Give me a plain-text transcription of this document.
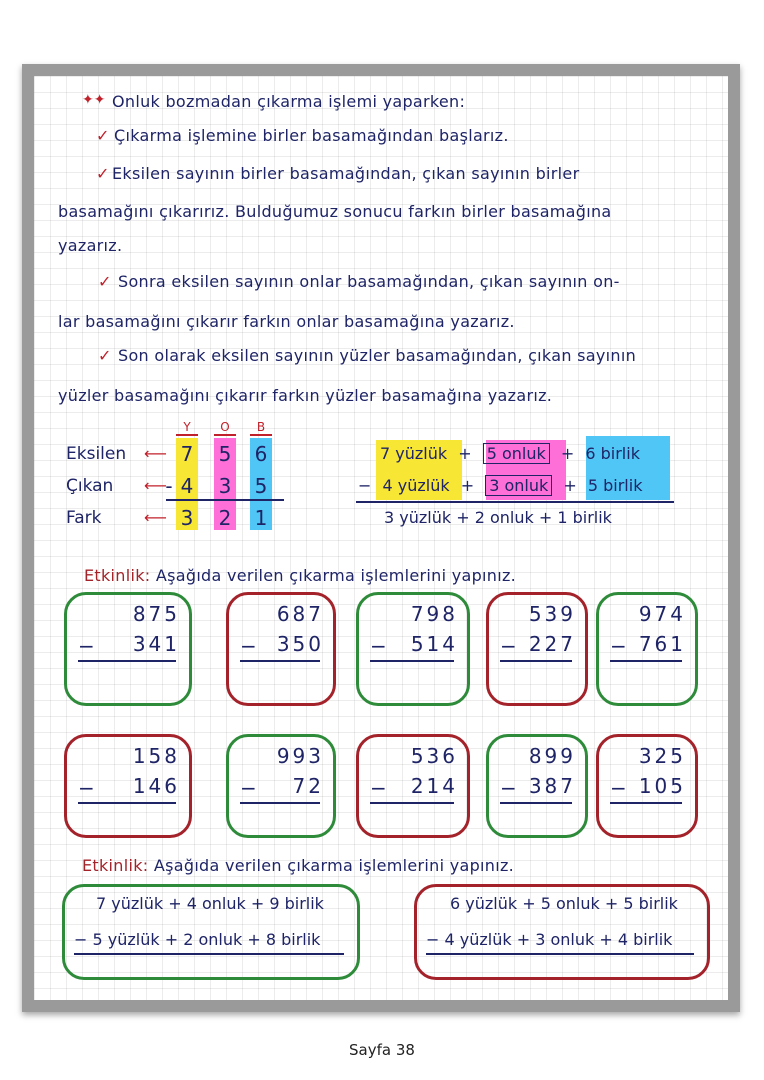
✦✦ Onluk bozmadan çıkarma işlemi yaparken:
✓ Çıkarma işlemine birler basamağından başlarız.
✓ Eksilen sayının birler basamağından, çıkan sayının birler
basamağını çıkarırız. Bulduğumuz sonucu farkın birler basamağına
yazarız.
✓ Sonra eksilen sayının onlar basamağından, çıkan sayının on-
lar basamağını çıkarır farkın onlar basamağına yazarız.
✓ Son olarak eksilen sayının yüzler basamağından, çıkan sayının
yüzler basamağını çıkarır farkın yüzler basamağına yazarız.
Y	O	B
Eksilen
Çıkan
Fark
⟵
⟵
⟵
7 5 6
- 4 3 5
3 2 1
7 yüzlük + 5 onluk + 6 birlik
− 4 yüzlük + 3 onluk + 5 birlik
3 yüzlük + 2 onluk + 1 birlik
Etkinlik: Aşağıda verilen çıkarma işlemlerini yapınız.
875
341
−
687
350
−
798
514
−
539
227
−
974
761
−
158
146
−
993
72
−
536
214
−
899
387
−
325
105
−
Etkinlik: Aşağıda verilen çıkarma işlemlerini yapınız.
7 yüzlük + 4 onluk + 9 birlik
− 5 yüzlük + 2 onluk + 8 birlik
6 yüzlük + 5 onluk + 5 birlik
− 4 yüzlük + 3 onluk + 4 birlik
Sayfa 38
